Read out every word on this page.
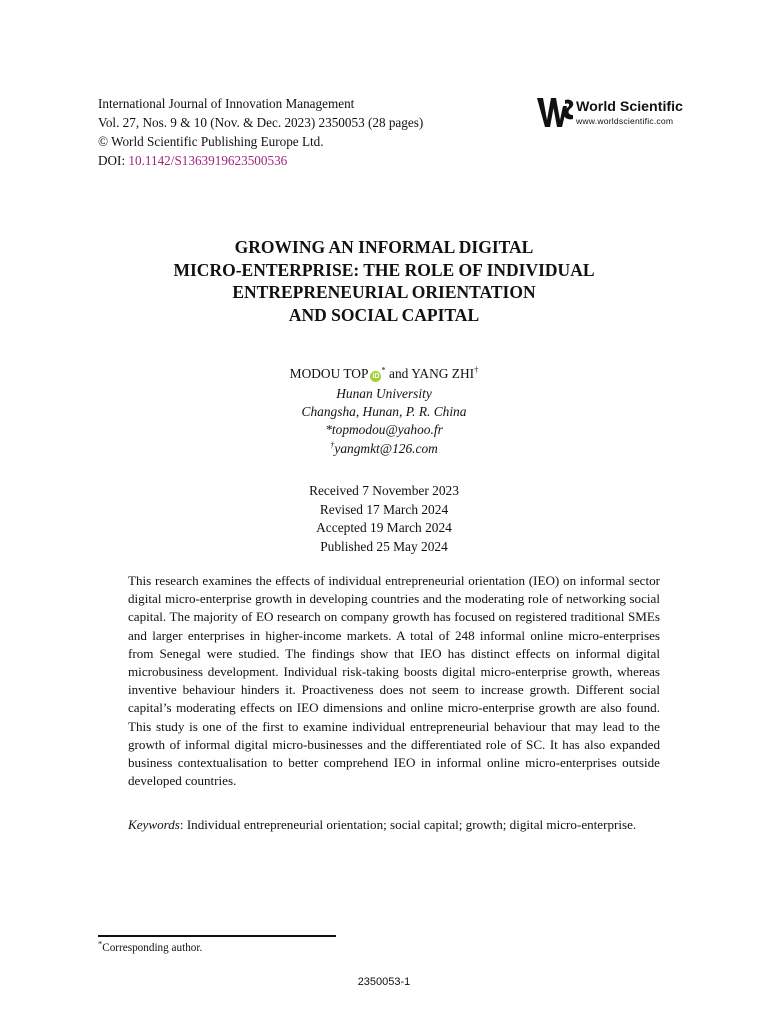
International Journal of Innovation Management
Vol. 27, Nos. 9 & 10 (Nov. & Dec. 2023) 2350053 (28 pages)
© World Scientific Publishing Europe Ltd.
DOI: 10.1142/S1363919623500536
World Scientific
www.worldscientific.com
GROWING AN INFORMAL DIGITAL
MICRO-ENTERPRISE: THE ROLE OF INDIVIDUAL
ENTREPRENEURIAL ORIENTATION
AND SOCIAL CAPITAL
MODOU TOP iD* and YANG ZHI†
Hunan University
Changsha, Hunan, P. R. China
*topmodou@yahoo.fr
†yangmkt@126.com
Received 7 November 2023
Revised 17 March 2024
Accepted 19 March 2024
Published 25 May 2024

This research examines the effects of individual entrepreneurial orientation (IEO) on informal sector digital micro-enterprise growth in developing countries and the moderating role of networking social capital. The majority of EO research on company growth has focused on registered traditional SMEs and larger enterprises in higher-income markets. A total of 248 informal online micro-enterprises from Senegal were studied. The findings show that IEO has distinct effects on informal digital microbusiness development. Individual risk-taking boosts digital micro-enterprise growth, whereas inventive behaviour hinders it. Proactiveness does not seem to increase growth. Different social capital’s moderating effects on IEO dimensions and online micro-enterprise growth are also found. This study is one of the first to examine individual entrepreneurial behaviour that may lead to the growth of informal digital micro-businesses and the differentiated role of SC. It has also expanded business contextualisation to better comprehend IEO in informal online micro-enterprises outside developed countries.

Keywords: Individual entrepreneurial orientation; social capital; growth; digital micro-enterprise.

*Corresponding author.
2350053-1
